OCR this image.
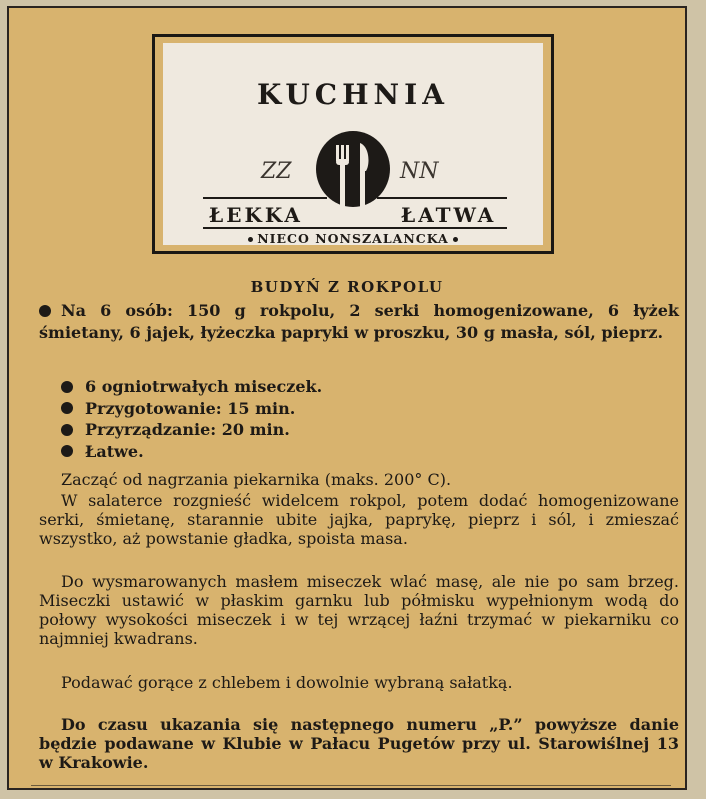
KUCHNIA
ZZ	NN
ŁEKKA	ŁATWA
NIECO NONSZALANCKA
BUDYŃ Z ROKPOLU
Na 6 osób: 150 g rokpolu, 2 serki homogenizowane, 6 łyżek śmietany, 6 jajek, łyżeczka papryki w proszku, 30 g masła, sól, pieprz.
6 ogniotrwałych miseczek.
Przygotowanie: 15 min.
Przyrządzanie: 20 min.
Łatwe.
Zacząć od nagrzania piekarnika (maks. 200° C).
W salaterce rozgnieść widelcem rokpol, potem dodać homogenizowane serki, śmietanę, starannie ubite jajka, paprykę, pieprz i sól, i zmieszać wszystko, aż powstanie gładka, spoista masa.
Do wysmarowanych masłem miseczek wlać masę, ale nie po sam brzeg. Miseczki ustawić w płaskim garnku lub półmisku wypełnionym wodą do połowy wysokości miseczek i w tej wrzącej łaźni trzymać w piekarniku co najmniej kwadrans.
Podawać gorące z chlebem i dowolnie wybraną sałatką.
Do czasu ukazania się następnego numeru „P.” powyższe danie będzie podawane w Klubie w Pałacu Pugetów przy ul. Starowiślnej 13 w Krakowie.
